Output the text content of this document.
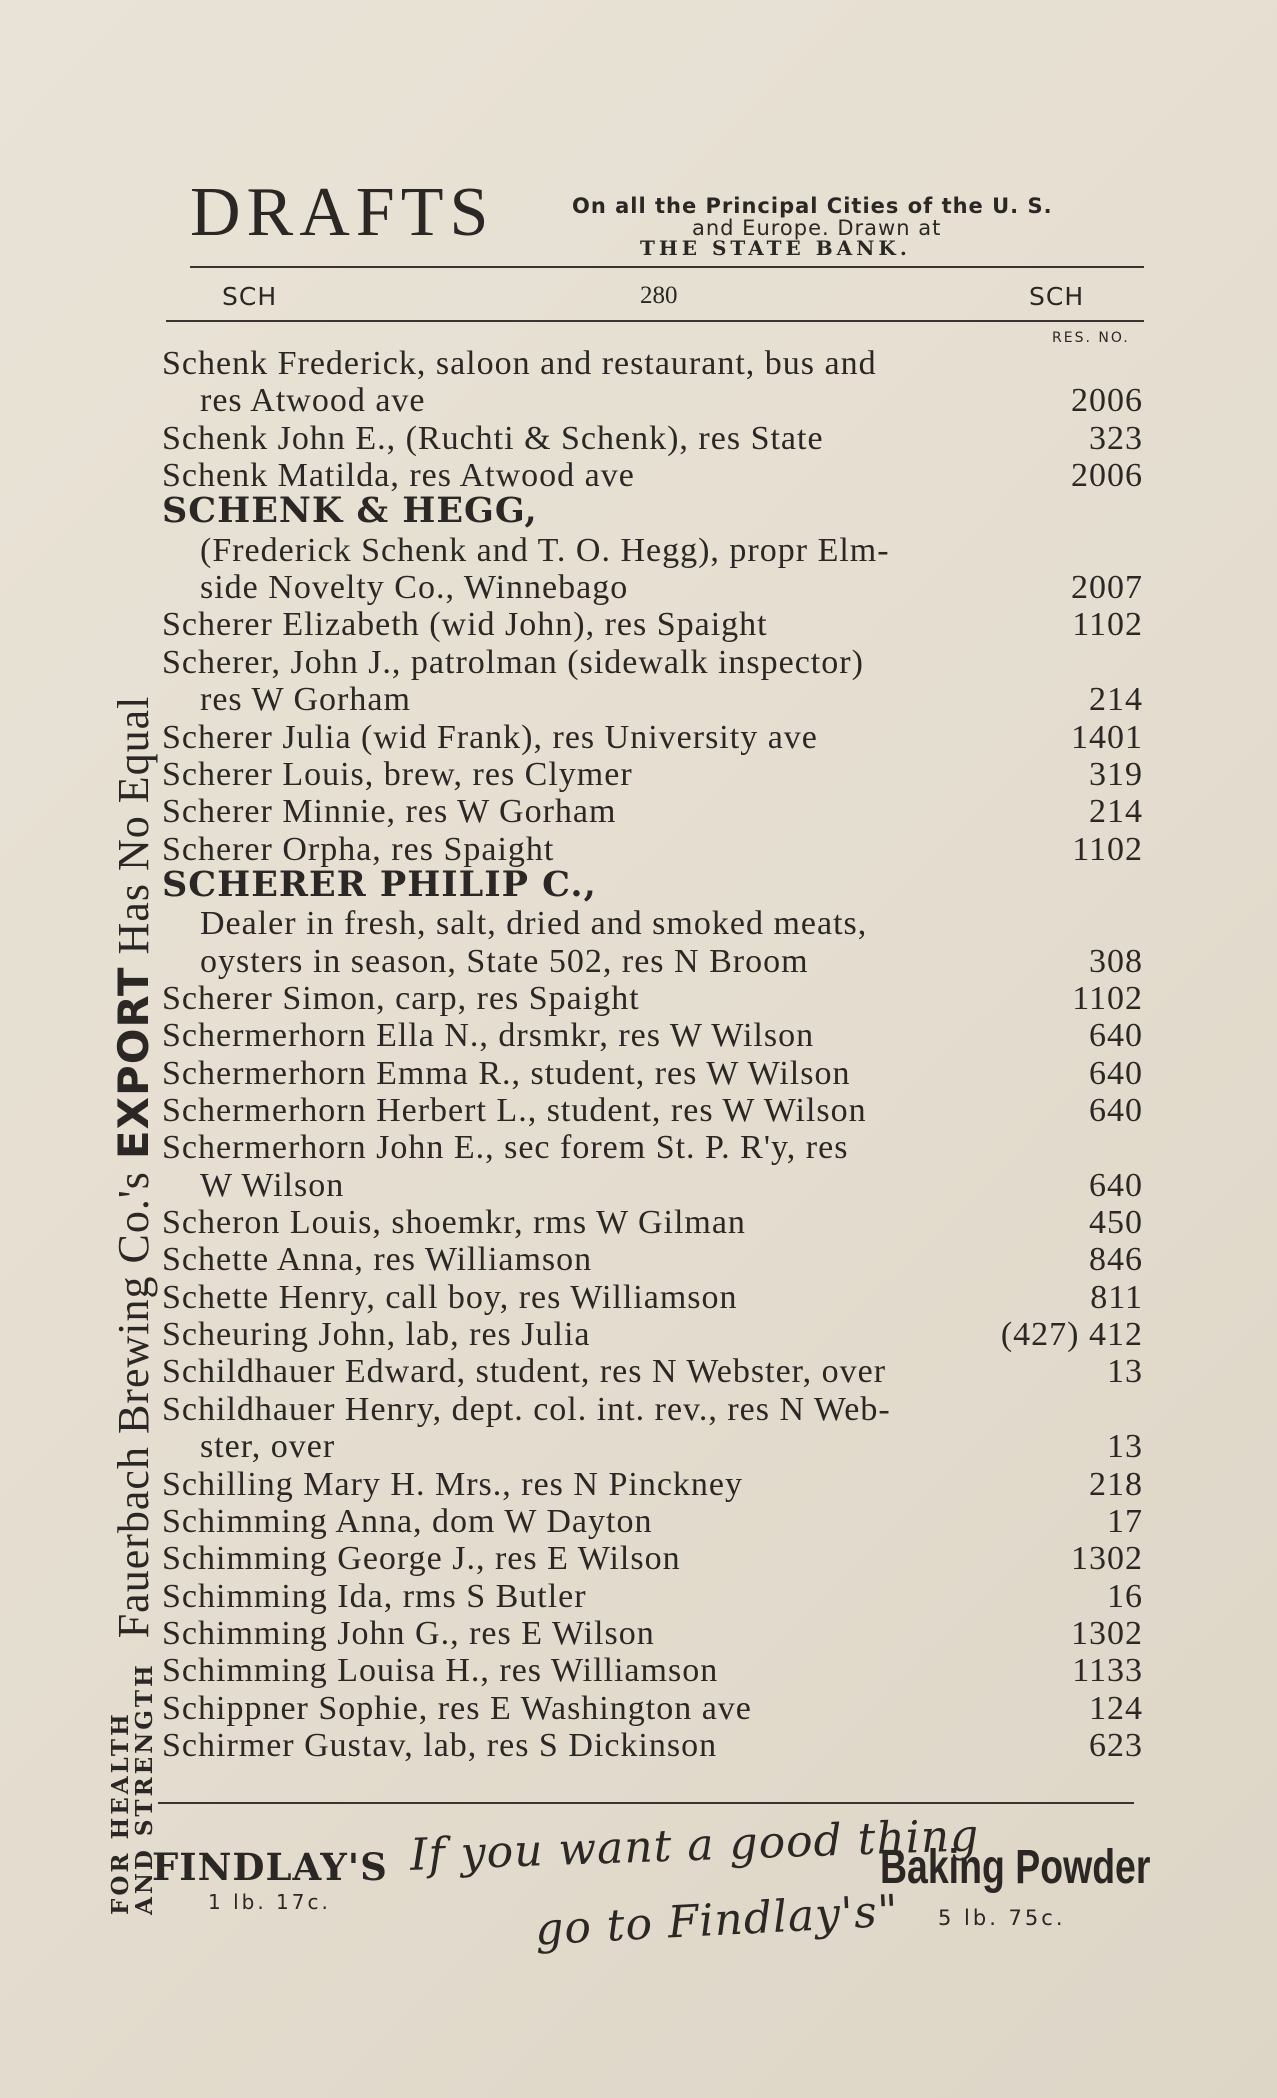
FOR HEALTH
AND STRENGTH
Fauerbach Brewing Co.'s EXPORT Has No Equal
DRAFTS	On all the Principal Cities of the U. S.
and Europe. Drawn at
THE STATE BANK.
SCH	280	SCH
RES. NO.
Schenk Frederick, saloon and restaurant, bus and
res Atwood ave	2006
Schenk John E., (Ruchti & Schenk), res State	323
Schenk Matilda, res Atwood ave	2006
SCHENK & HEGG,
(Frederick Schenk and T. O. Hegg), propr Elm-
side Novelty Co., Winnebago	2007
Scherer Elizabeth (wid John), res Spaight	1102
Scherer, John J., patrolman (sidewalk inspector)
res W Gorham	214
Scherer Julia (wid Frank), res University ave	1401
Scherer Louis, brew, res Clymer	319
Scherer Minnie, res W Gorham	214
Scherer Orpha, res Spaight	1102
SCHERER PHILIP C.,
Dealer in fresh, salt, dried and smoked meats,
oysters in season, State 502, res N Broom	308
Scherer Simon, carp, res Spaight	1102
Schermerhorn Ella N., drsmkr, res W Wilson	640
Schermerhorn Emma R., student, res W Wilson	640
Schermerhorn Herbert L., student, res W Wilson	640
Schermerhorn John E., sec forem St. P. R'y, res
W Wilson	640
Scheron Louis, shoemkr, rms W Gilman	450
Schette Anna, res Williamson	846
Schette Henry, call boy, res Williamson	811
Scheuring John, lab, res Julia	(427) 412
Schildhauer Edward, student, res N Webster, over	13
Schildhauer Henry, dept. col. int. rev., res N Web-
ster, over	13
Schilling Mary H. Mrs., res N Pinckney	218
Schimming Anna, dom W Dayton	17
Schimming George J., res E Wilson	1302
Schimming Ida, rms S Butler	16
Schimming John G., res E Wilson	1302
Schimming Louisa H., res Williamson	1133
Schippner Sophie, res E Washington ave	124
Schirmer Gustav, lab, res S Dickinson	623
FINDLAY'S
1 lb. 17c.
If you want a good thing
go to Findlay's"
Baking Powder
5 lb. 75c.
